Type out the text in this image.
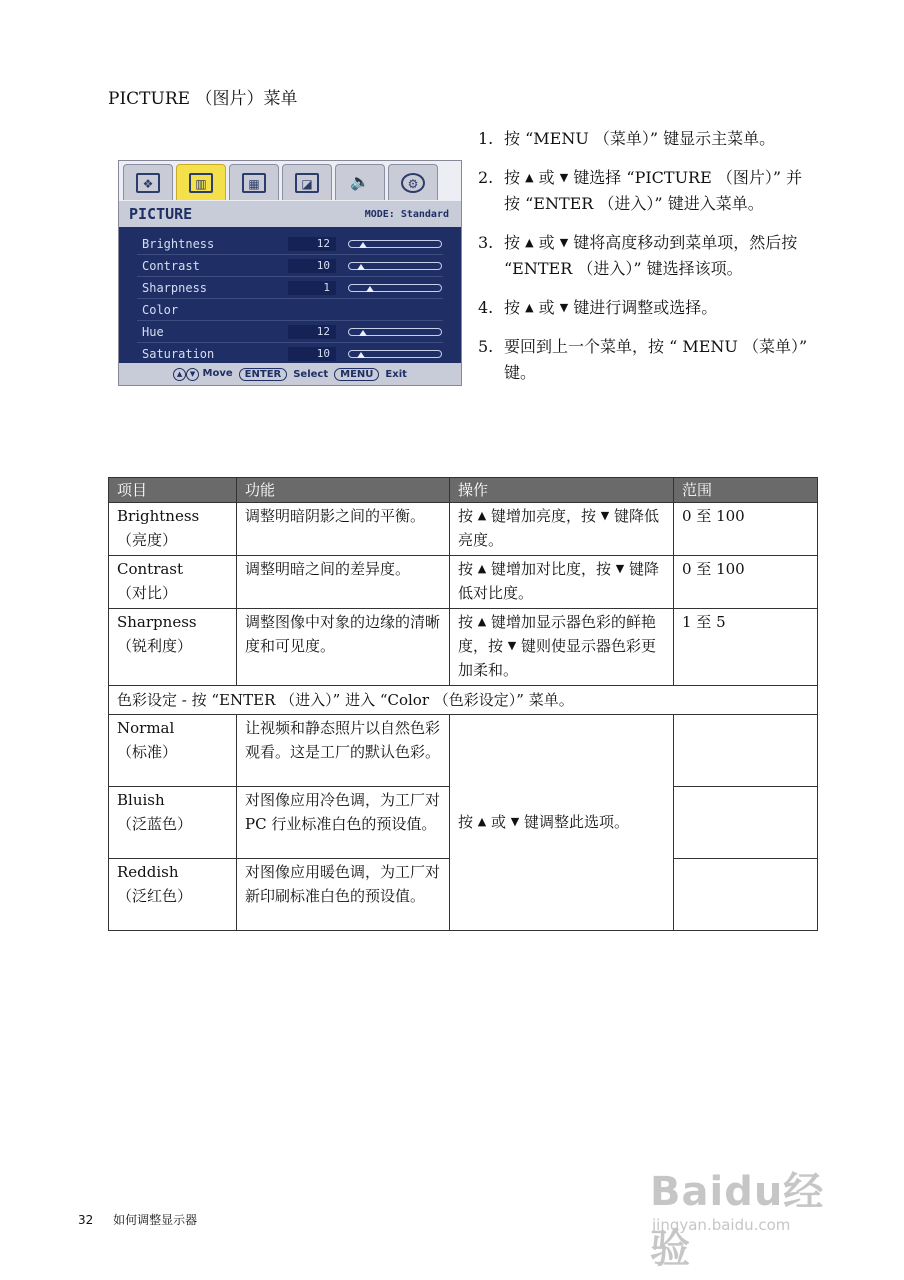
PICTURE （图片）菜单
❖	▥	▦	◪	🔈	⚙
PICTURE	MODE: Standard
Brightness	12
Contrast	10
Sharpness	1
Color
Hue	12
Saturation	10
▲ ▼ Move	ENTER	Select	MENU	Exit
1. 按 “MENU （菜单）” 键显示主菜单。
2. 按 ▲ 或 ▼ 键选择 “PICTURE （图片）” 并按 “ENTER （进入）” 键进入菜单。
3. 按 ▲ 或 ▼ 键将高度移动到菜单项，然后按 “ENTER （进入）” 键选择该项。
4. 按 ▲ 或 ▼ 键进行调整或选择。
5. 要回到上一个菜单，按 “ MENU （菜单）” 键。
项目	功能	操作	范围

Brightness
（亮度）	调整明暗阴影之间的平衡。	按 ▲ 键增加亮度，按 ▼ 键降低亮度。	0 至 100

Contrast
（对比）	调整明暗之间的差异度。	按 ▲ 键增加对比度，按 ▼ 键降低对比度。	0 至 100

Sharpness
（锐利度）	调整图像中对象的边缘的清晰度和可见度。	按 ▲ 键增加显示器色彩的鲜艳度，按 ▼ 键则使显示器色彩更加柔和。	1 至 5
色彩设定 - 按 “ENTER （进入）” 进入 “Color （色彩设定）” 菜单。			

Normal
（标准）	让视频和静态照片以自然色彩观看。这是工厂的默认色彩。	按 ▲ 或 ▼ 键调整此选项。	

Bluish
（泛蓝色）	对图像应用冷色调，为工厂对 PC 行业标准白色的预设值。		

Reddish
（泛红色）	对图像应用暖色调，为工厂对新印刷标准白色的预设值。		
32 如何调整显示器
Baidu经验
jingyan.baidu.com
